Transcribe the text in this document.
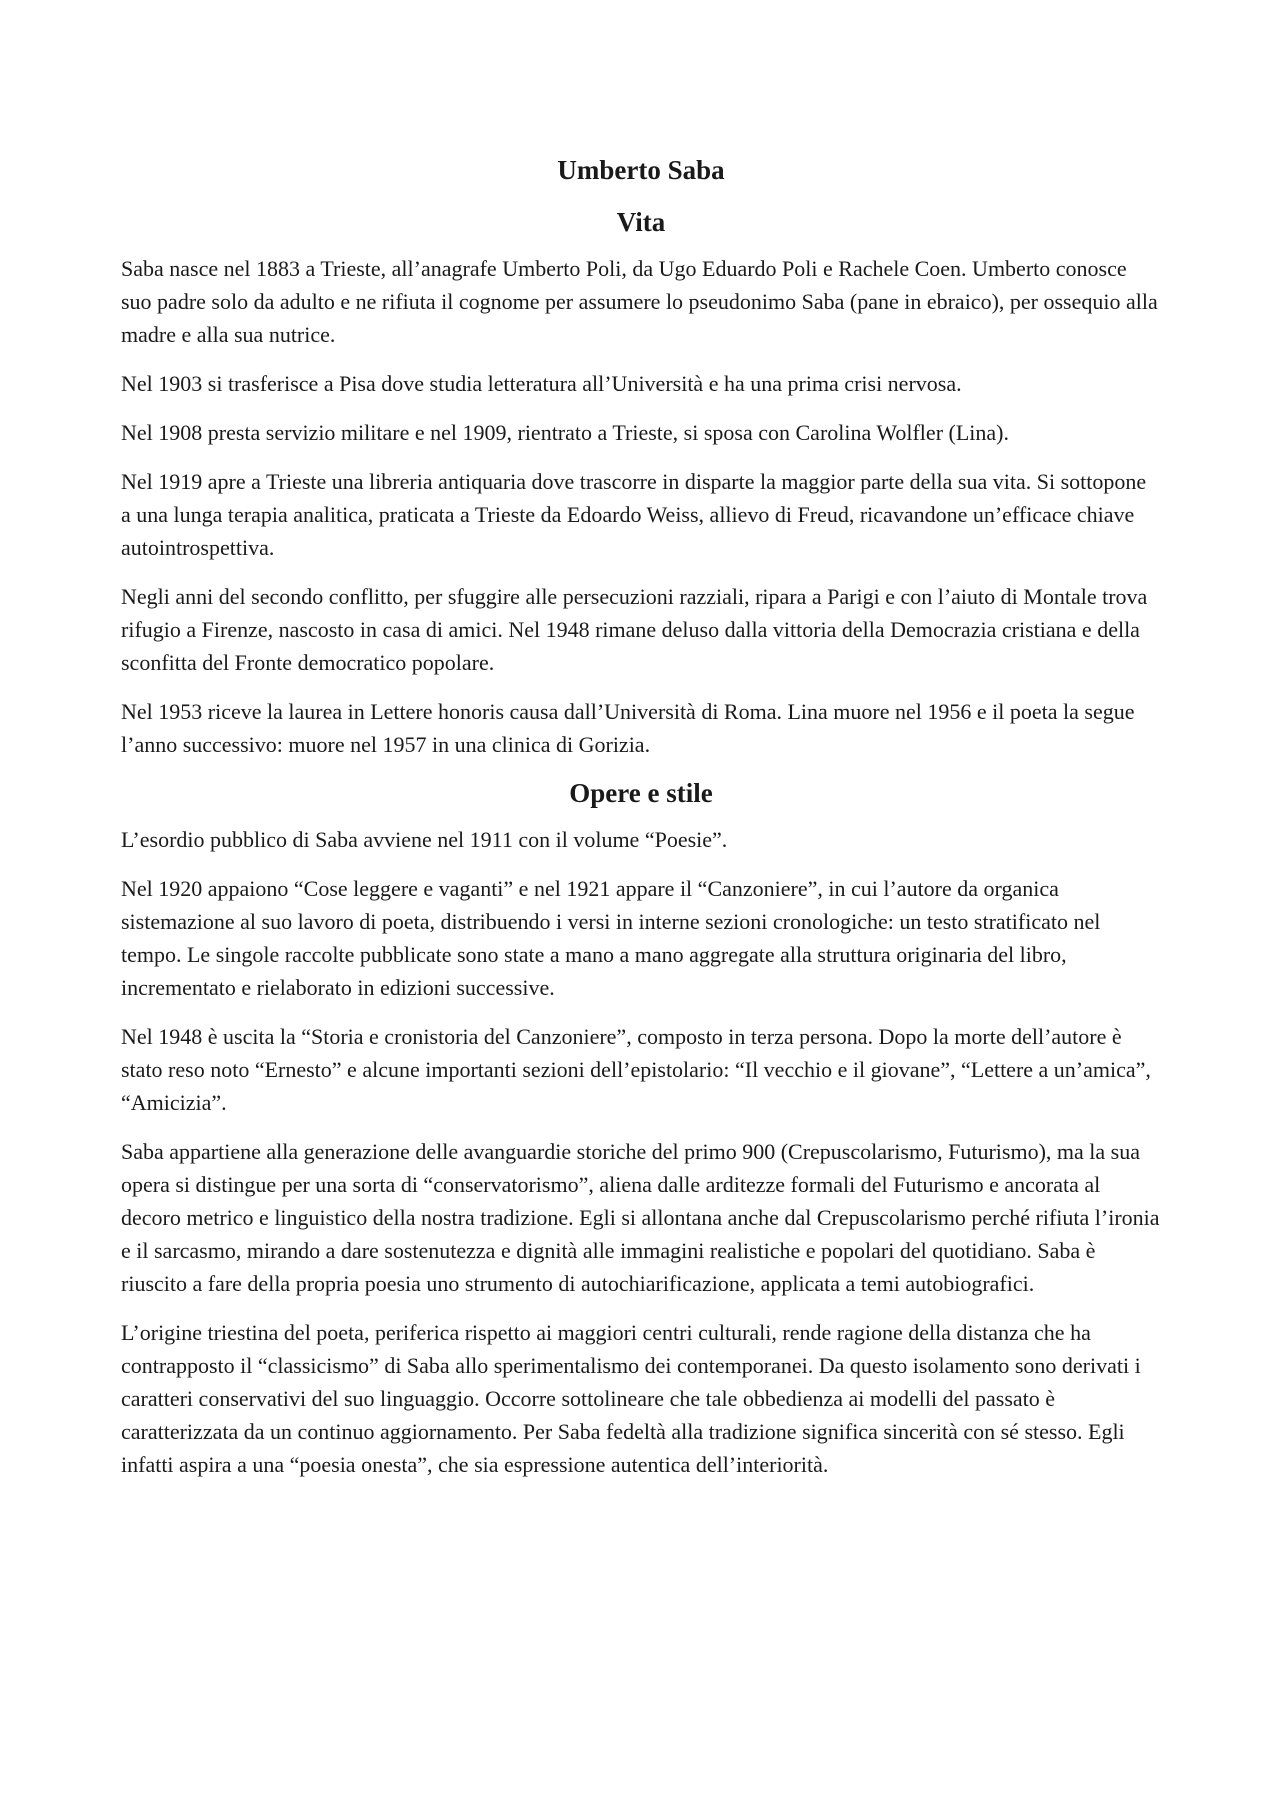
Umberto Saba
Vita

Saba nasce nel 1883 a Trieste, all’anagrafe Umberto Poli, da Ugo Eduardo Poli e Rachele Coen. Umberto conosce suo padre solo da adulto e ne rifiuta il cognome per assumere lo pseudonimo Saba (pane in ebraico), per ossequio alla madre e alla sua nutrice.

Nel 1903 si trasferisce a Pisa dove studia letteratura all’Università e ha una prima crisi nervosa.

Nel 1908 presta servizio militare e nel 1909, rientrato a Trieste, si sposa con Carolina Wolfler (Lina).

Nel 1919 apre a Trieste una libreria antiquaria dove trascorre in disparte la maggior parte della sua vita. Si sottopone a una lunga terapia analitica, praticata a Trieste da Edoardo Weiss, allievo di Freud, ricavandone un’efficace chiave autointrospettiva.

Negli anni del secondo conflitto, per sfuggire alle persecuzioni razziali, ripara a Parigi e con l’aiuto di Montale trova rifugio a Firenze, nascosto in casa di amici. Nel 1948 rimane deluso dalla vittoria della Democrazia cristiana e della sconfitta del Fronte democratico popolare.

Nel 1953 riceve la laurea in Lettere honoris causa dall’Università di Roma. Lina muore nel 1956 e il poeta la segue l’anno successivo: muore nel 1957 in una clinica di Gorizia.

Opere e stile

L’esordio pubblico di Saba avviene nel 1911 con il volume “Poesie”.

Nel 1920 appaiono “Cose leggere e vaganti” e nel 1921 appare il “Canzoniere”, in cui l’autore da organica sistemazione al suo lavoro di poeta, distribuendo i versi in interne sezioni cronologiche: un testo stratificato nel tempo. Le singole raccolte pubblicate sono state a mano a mano aggregate alla struttura originaria del libro, incrementato e rielaborato in edizioni successive.

Nel 1948 è uscita la “Storia e cronistoria del Canzoniere”, composto in terza persona. Dopo la morte dell’autore è stato reso noto “Ernesto” e alcune importanti sezioni dell’epistolario: “Il vecchio e il giovane”, “Lettere a un’amica”, “Amicizia”.

Saba appartiene alla generazione delle avanguardie storiche del primo 900 (Crepuscolarismo, Futurismo), ma la sua opera si distingue per una sorta di “conservatorismo”, aliena dalle arditezze formali del Futurismo e ancorata al decoro metrico e linguistico della nostra tradizione. Egli si allontana anche dal Crepuscolarismo perché rifiuta l’ironia e il sarcasmo, mirando a dare sostenutezza e dignità alle immagini realistiche e popolari del quotidiano. Saba è riuscito a fare della propria poesia uno strumento di autochiarificazione, applicata a temi autobiografici.

L’origine triestina del poeta, periferica rispetto ai maggiori centri culturali, rende ragione della distanza che ha contrapposto il “classicismo” di Saba allo sperimentalismo dei contemporanei. Da questo isolamento sono derivati i caratteri conservativi del suo linguaggio. Occorre sottolineare che tale obbedienza ai modelli del passato è caratterizzata da un continuo aggiornamento. Per Saba fedeltà alla tradizione significa sincerità con sé stesso. Egli infatti aspira a una “poesia onesta”, che sia espressione autentica dell’interiorità.
